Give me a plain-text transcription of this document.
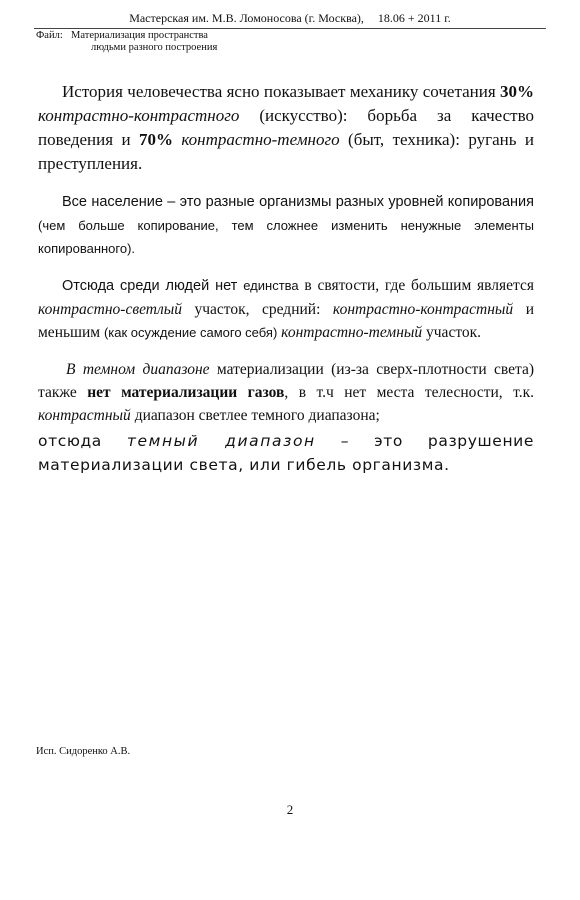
Мастерская им. М.В. Ломоносова (г. Москва), 18.06 + 2011 г.
Файл: Материализация пространства
людьми разного построения

История человечества ясно показывает механику сочетания 30% контрастно-контрастного (искусство): борьба за качество поведения и 70% контрастно-темного (быт, техника): ругань и преступления.

Все население – это разные организмы разных уровней копирования (чем больше копирование, тем сложнее изменить ненужные элементы копированного).

Отсюда среди людей нет единства в святости, где большим является контрастно-светлый участок, средний: контрастно-контрастный и меньшим (как осуждение самого себя) контрастно-темный участок.

В темном диапазоне материализации (из-за сверх-плотности света) также нет материализации газов, в т.ч нет места телесности, т.к. контрастный диапазон светлее темного диапазона;

отсюда темный диапазон – это разрушение материализации света, или гибель организма.

Исп. Сидоренко А.В.
2
